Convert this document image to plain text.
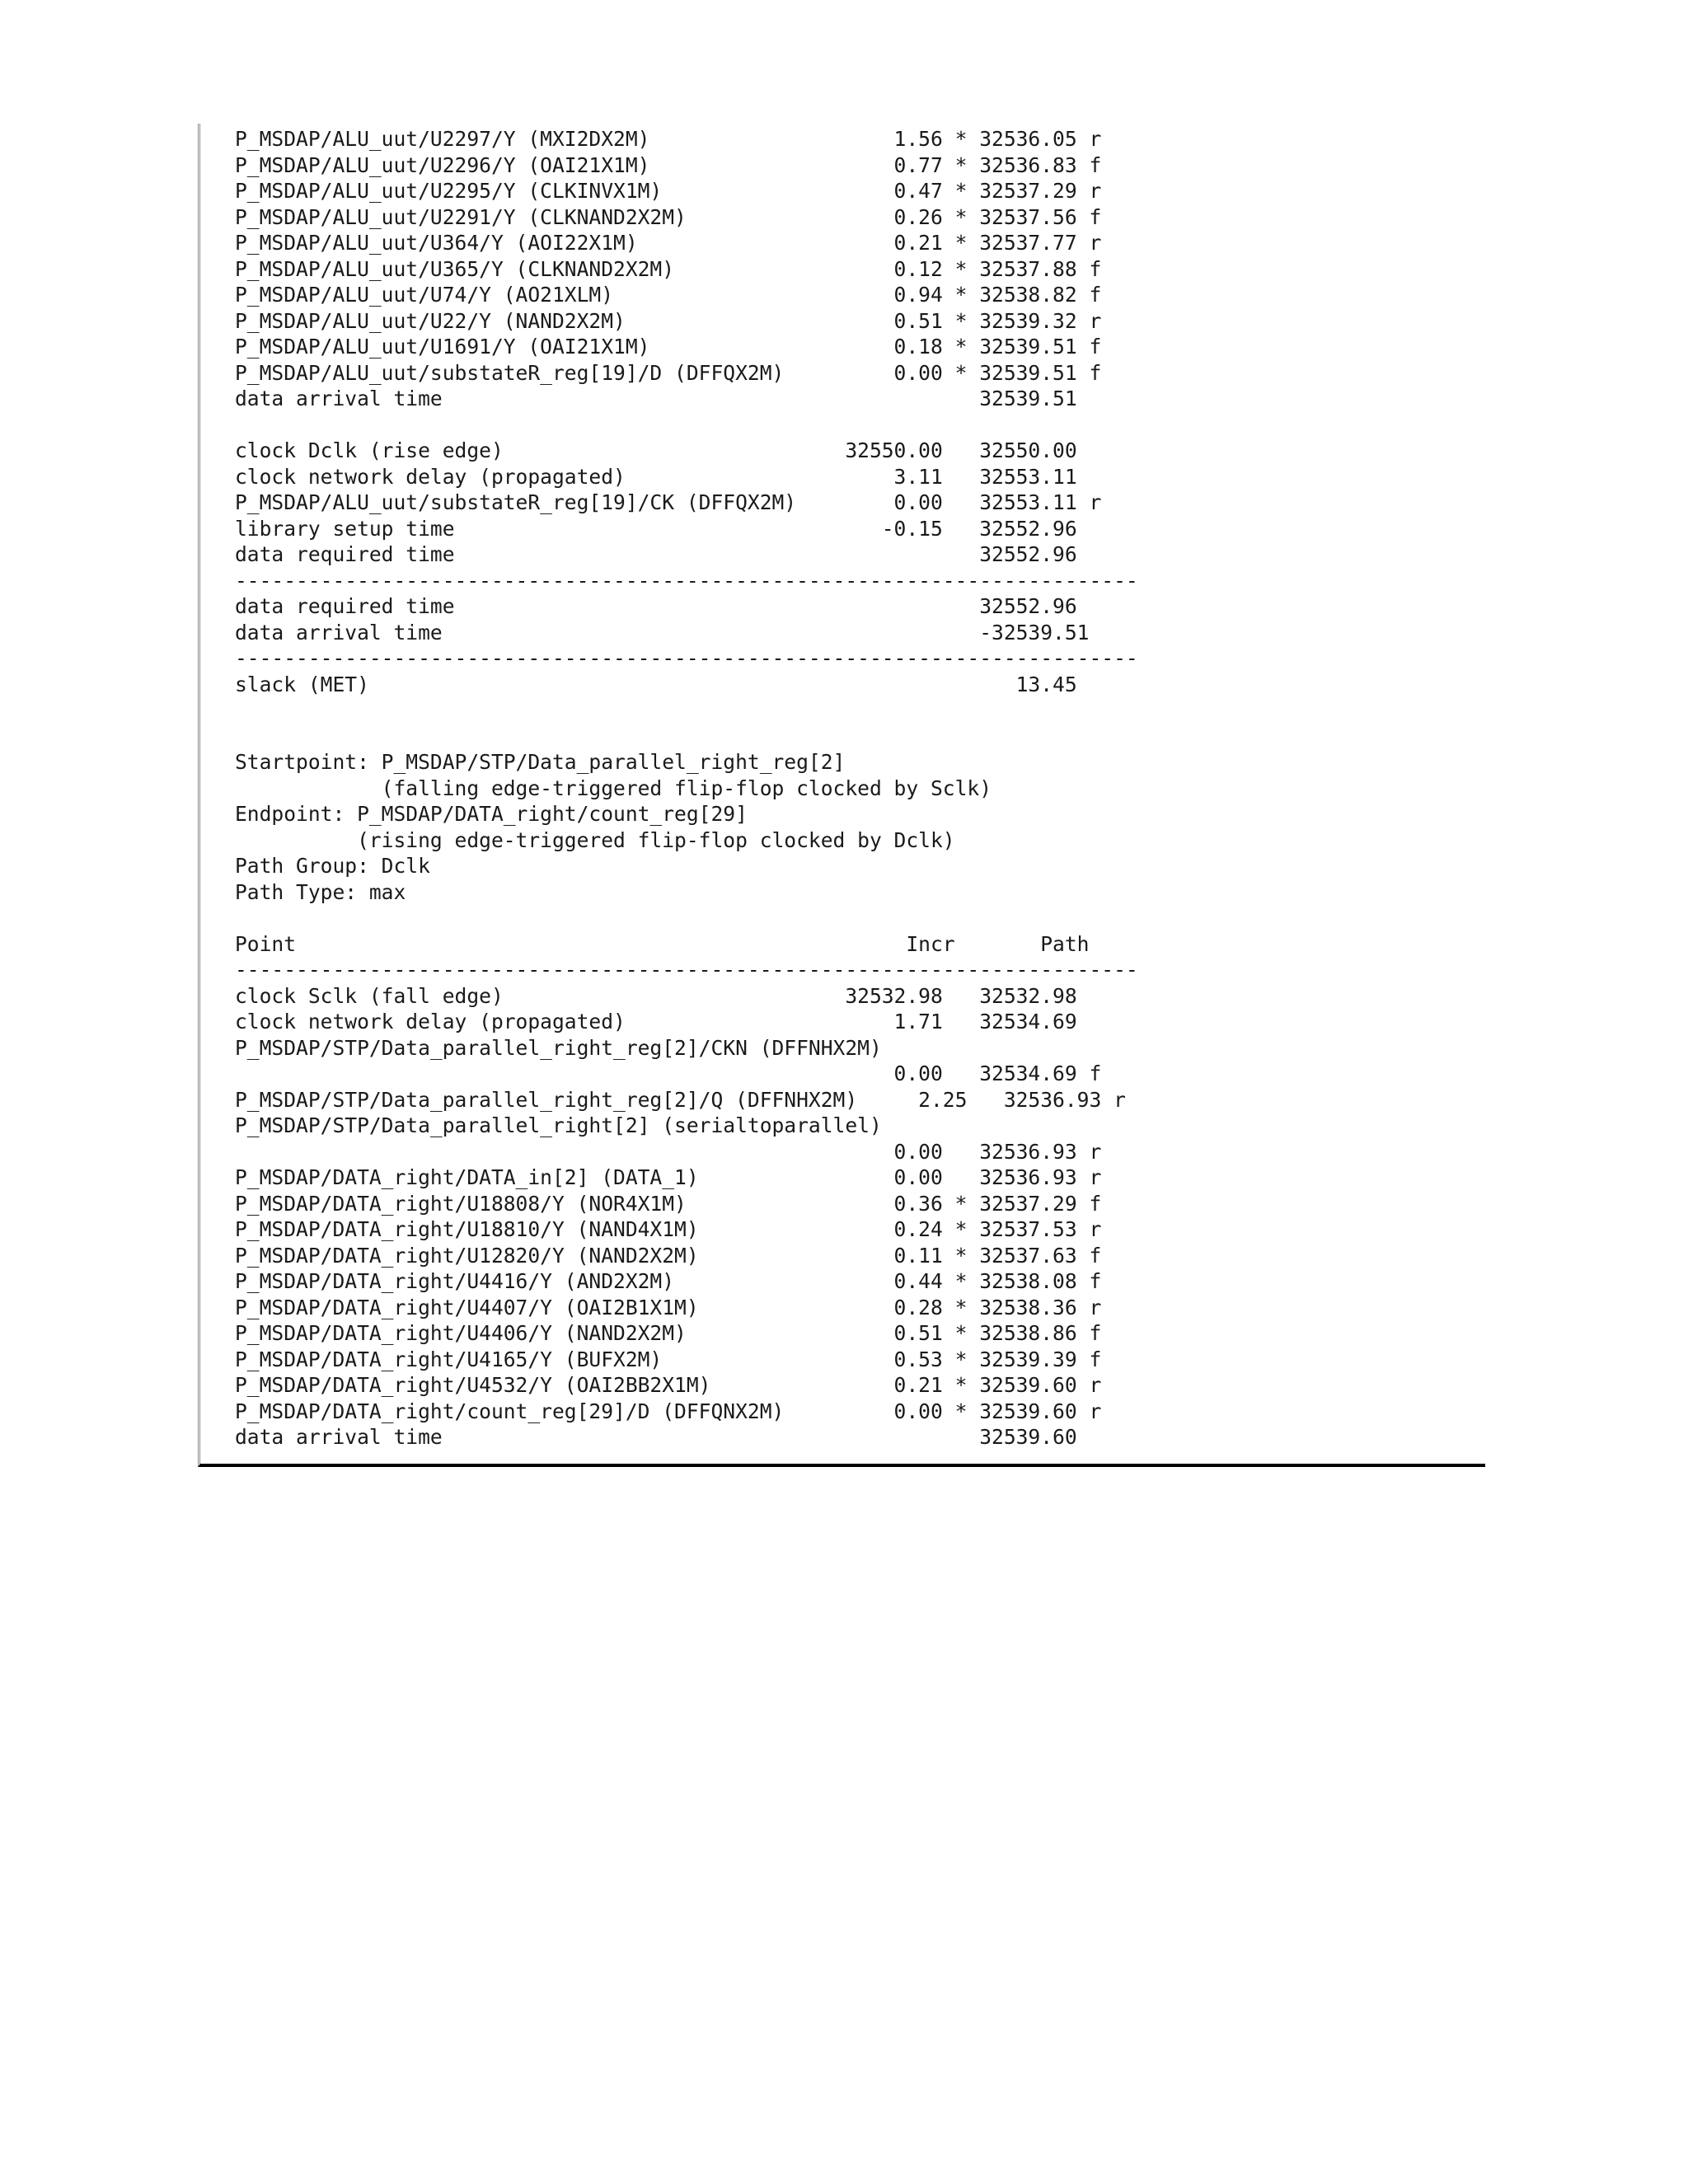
P_MSDAP/ALU_uut/U2297/Y (MXI2DX2M)                    1.56 * 32536.05 r
P_MSDAP/ALU_uut/U2296/Y (OAI21X1M)                    0.77 * 32536.83 f
P_MSDAP/ALU_uut/U2295/Y (CLKINVX1M)                   0.47 * 32537.29 r
P_MSDAP/ALU_uut/U2291/Y (CLKNAND2X2M)                 0.26 * 32537.56 f
P_MSDAP/ALU_uut/U364/Y (AOI22X1M)                     0.21 * 32537.77 r
P_MSDAP/ALU_uut/U365/Y (CLKNAND2X2M)                  0.12 * 32537.88 f
P_MSDAP/ALU_uut/U74/Y (AO21XLM)                       0.94 * 32538.82 f
P_MSDAP/ALU_uut/U22/Y (NAND2X2M)                      0.51 * 32539.32 r
P_MSDAP/ALU_uut/U1691/Y (OAI21X1M)                    0.18 * 32539.51 f
P_MSDAP/ALU_uut/substateR_reg[19]/D (DFFQX2M)         0.00 * 32539.51 f
data arrival time                                            32539.51
clock Dclk (rise edge)                            32550.00   32550.00
clock network delay (propagated)                      3.11   32553.11
P_MSDAP/ALU_uut/substateR_reg[19]/CK (DFFQX2M)        0.00   32553.11 r
library setup time                                   -0.15   32552.96
data required time                                           32552.96
--------------------------------------------------------------------------
data required time                                           32552.96
data arrival time                                            -32539.51
--------------------------------------------------------------------------
slack (MET)                                                     13.45
Startpoint: P_MSDAP/STP/Data_parallel_right_reg[2]
(falling edge-triggered flip-flop clocked by Sclk)
Endpoint: P_MSDAP/DATA_right/count_reg[29]
(rising edge-triggered flip-flop clocked by Dclk)
Path Group: Dclk
Path Type: max
Point                                                  Incr       Path
--------------------------------------------------------------------------
clock Sclk (fall edge)                            32532.98   32532.98
clock network delay (propagated)                      1.71   32534.69
P_MSDAP/STP/Data_parallel_right_reg[2]/CKN (DFFNHX2M)
0.00   32534.69 f
P_MSDAP/STP/Data_parallel_right_reg[2]/Q (DFFNHX2M)     2.25   32536.93 r
P_MSDAP/STP/Data_parallel_right[2] (serialtoparallel)
0.00   32536.93 r
P_MSDAP/DATA_right/DATA_in[2] (DATA_1)                0.00   32536.93 r
P_MSDAP/DATA_right/U18808/Y (NOR4X1M)                 0.36 * 32537.29 f
P_MSDAP/DATA_right/U18810/Y (NAND4X1M)                0.24 * 32537.53 r
P_MSDAP/DATA_right/U12820/Y (NAND2X2M)                0.11 * 32537.63 f
P_MSDAP/DATA_right/U4416/Y (AND2X2M)                  0.44 * 32538.08 f
P_MSDAP/DATA_right/U4407/Y (OAI2B1X1M)                0.28 * 32538.36 r
P_MSDAP/DATA_right/U4406/Y (NAND2X2M)                 0.51 * 32538.86 f
P_MSDAP/DATA_right/U4165/Y (BUFX2M)                   0.53 * 32539.39 f
P_MSDAP/DATA_right/U4532/Y (OAI2BB2X1M)               0.21 * 32539.60 r
P_MSDAP/DATA_right/count_reg[29]/D (DFFQNX2M)         0.00 * 32539.60 r
data arrival time                                            32539.60
